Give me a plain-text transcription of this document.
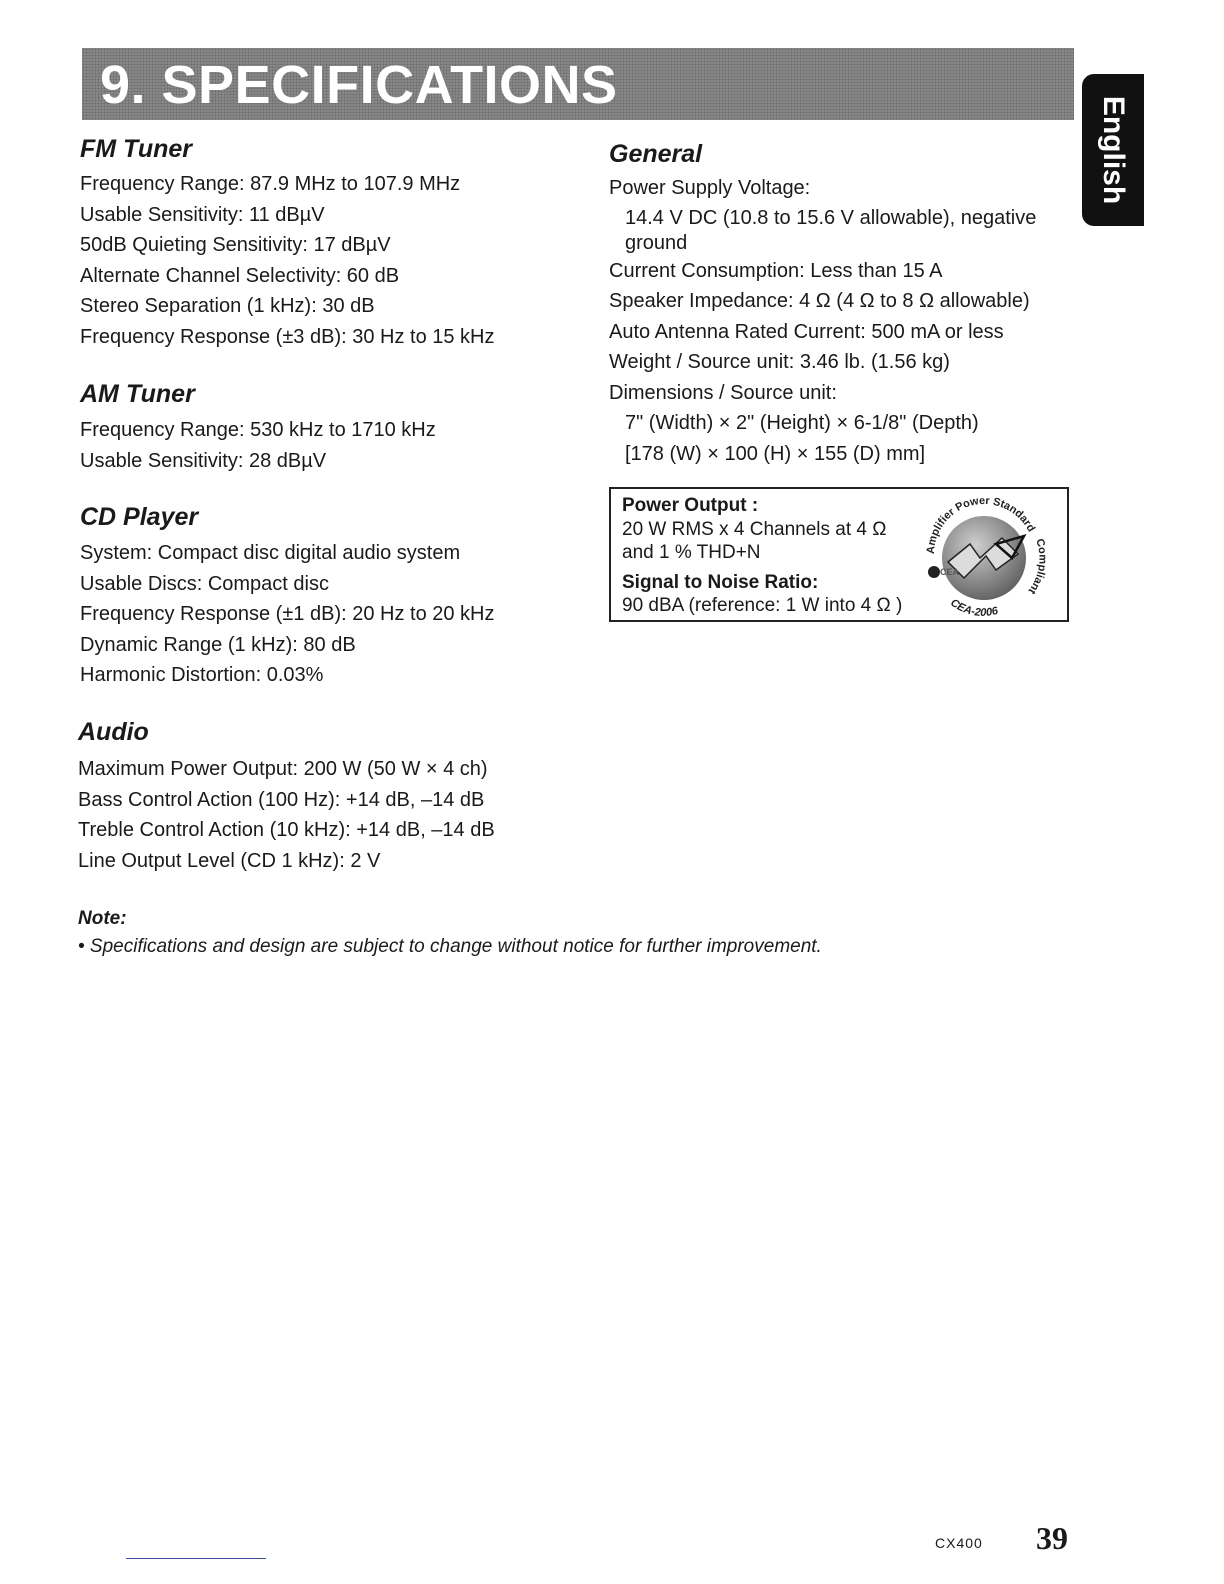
9. SPECIFICATIONS
English
FM Tuner
Frequency Range: 87.9 MHz to 107.9 MHz
Usable Sensitivity: 11 dBµV
50dB Quieting Sensitivity: 17 dBµV
Alternate Channel Selectivity: 60 dB
Stereo Separation (1 kHz): 30 dB
Frequency Response (±3 dB): 30 Hz to 15 kHz
AM Tuner
Frequency Range: 530 kHz to 1710 kHz
Usable Sensitivity: 28 dBµV
CD Player
System: Compact disc digital audio system
Usable Discs: Compact disc
Frequency Response (±1 dB): 20 Hz to 20 kHz
Dynamic Range (1 kHz): 80 dB
Harmonic Distortion: 0.03%
Audio
Maximum Power Output: 200 W (50 W × 4 ch)
Bass Control Action (100 Hz): +14 dB, –14 dB
Treble Control Action (10 kHz): +14 dB, –14 dB
Line Output Level (CD 1 kHz): 2 V
General
Power Supply Voltage:
14.4 V DC (10.8 to 15.6 V allowable), negative
ground
Current Consumption: Less than 15 A
Speaker Impedance: 4 Ω (4 Ω to 8 Ω allowable)
Auto Antenna Rated Current: 500 mA or less
Weight / Source unit: 3.46 lb. (1.56 kg)
Dimensions / Source unit:
7" (Width) × 2" (Height) × 6-1/8" (Depth)
[178 (W) × 100 (H) × 155 (D) mm]
Power Output :
20 W RMS x 4 Channels at 4 Ω
and 1 % THD+N
Signal to Noise Ratio:
90 dBA (reference: 1 W into 4 Ω )
CEA
Amplifier Power Standard
Compliant
CEA-2006
Note:
• Specifications and design are subject to change without notice for further improvement.
CX400 39
